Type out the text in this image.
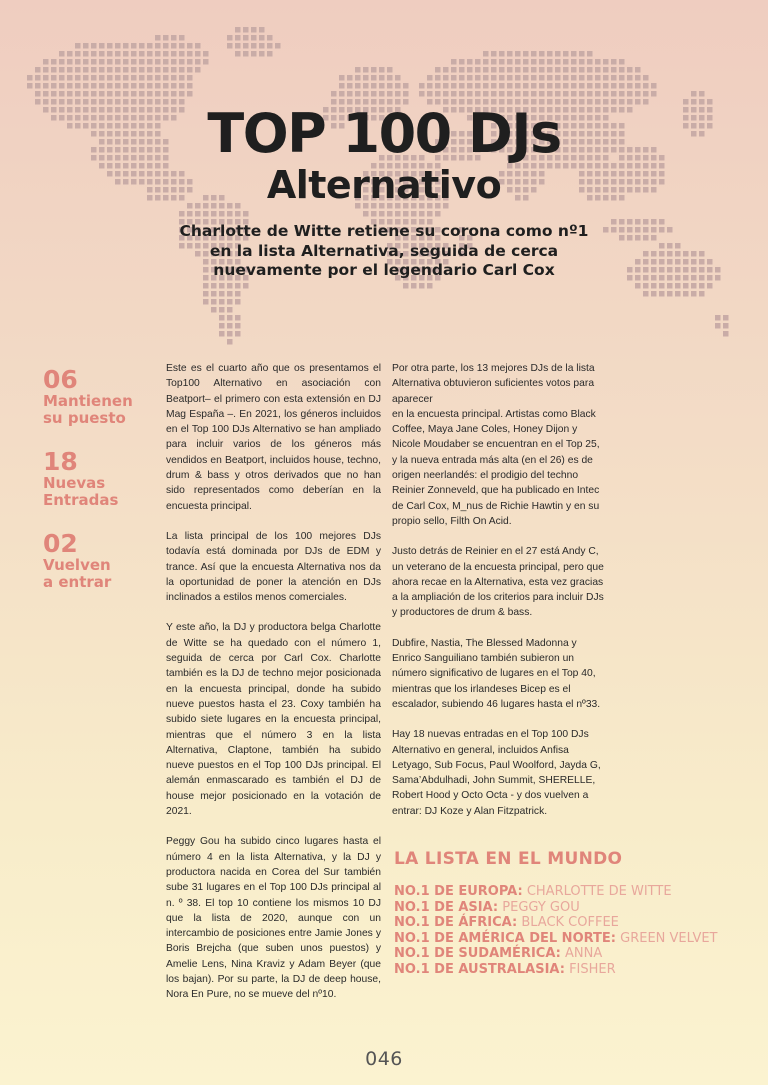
TOP 100 DJs
Alternativo
Charlotte de Witte retiene su corona como nº1 en la lista Alternativa, seguida de cerca nuevamente por el legendario Carl Cox
06
Mantienen
su puesto
18
Nuevas
Entradas
02
Vuelven
a entrar

Este es el cuarto año que os presentamos el Top100 Alternativo en asociación con Beatport– el primero con esta extensión en DJ Mag España –. En 2021, los géneros incluidos en el Top 100 DJs Alternativo se han ampliado para incluir varios de los géneros más vendidos en Beatport, incluidos house, techno, drum & bass y otros derivados que no han sido representados como deberían en la encuesta principal.

La lista principal de los 100 mejores DJs todavía está dominada por DJs de EDM y trance. Así que la encuesta Alternativa nos da la oportunidad de poner la atención en DJs inclinados a estilos menos comerciales.

Y este año, la DJ y productora belga Charlotte de Witte se ha quedado con el número 1, seguida de cerca por Carl Cox. Charlotte también es la DJ de techno mejor posicionada en la encuesta principal, donde ha subido nueve puestos hasta el 23. Coxy también ha subido siete lugares en la encuesta principal, mientras que el número 3 en la lista Alternativa, Claptone, también ha subido nueve puestos en el Top 100 DJs principal. El alemán enmascarado es también el DJ de house mejor posicionado en la votación de 2021.

Peggy Gou ha subido cinco lugares hasta el número 4 en la lista Alternativa, y la DJ y productora nacida en Corea del Sur también sube 31 lugares en el Top 100 DJs principal al n. º 38. El top 10 contiene los mismos 10 DJ que la lista de 2020, aunque con un intercambio de posiciones entre Jamie Jones y Boris Brejcha (que suben unos puestos) y Amelie Lens, Nina Kraviz y Adam Beyer (que los bajan). Por su parte, la DJ de deep house, Nora En Pure, no se mueve del nº10.

Por otra parte, los 13 mejores DJs de la lista Alternativa obtuvieron suficientes votos para aparecer
en la encuesta principal. Artistas como Black Coffee, Maya Jane Coles, Honey Dijon y Nicole Moudaber se encuentran en el Top 25, y la nueva entrada más alta (en el 26) es de origen neerlandés: el prodigio del techno Reinier Zonneveld, que ha publicado en Intec de Carl Cox, M_nus de Richie Hawtin y en su propio sello, Filth On Acid.

Justo detrás de Reinier en el 27 está Andy C, un veterano de la encuesta principal, pero que ahora recae en la Alternativa, esta vez gracias a la ampliación de los criterios para incluir DJs y productores de drum & bass.

Dubfire, Nastia, The Blessed Madonna y Enrico Sanguiliano también subieron un número significativo de lugares en el Top 40, mientras que los irlandeses Bicep es el escalador, subiendo 46 lugares hasta el nº33.

Hay 18 nuevas entradas en el Top 100 DJs Alternativo en general, incluidos Anfisa Letyago, Sub Focus, Paul Woolford, Jayda G, Sama’Abdulhadi, John Summit, SHERELLE, Robert Hood y Octo Octa - y dos vuelven a entrar: DJ Koze y Alan Fitzpatrick.

LA LISTA EN EL MUNDO
NO.1 DE EUROPA: CHARLOTTE DE WITTE
NO.1 DE ASIA: PEGGY GOU
NO.1 DE ÁFRICA: BLACK COFFEE
NO.1 DE AMÉRICA DEL NORTE: GREEN VELVET
NO.1 DE SUDAMÉRICA: ANNA
NO.1 DE AUSTRALASIA: FISHER
046
